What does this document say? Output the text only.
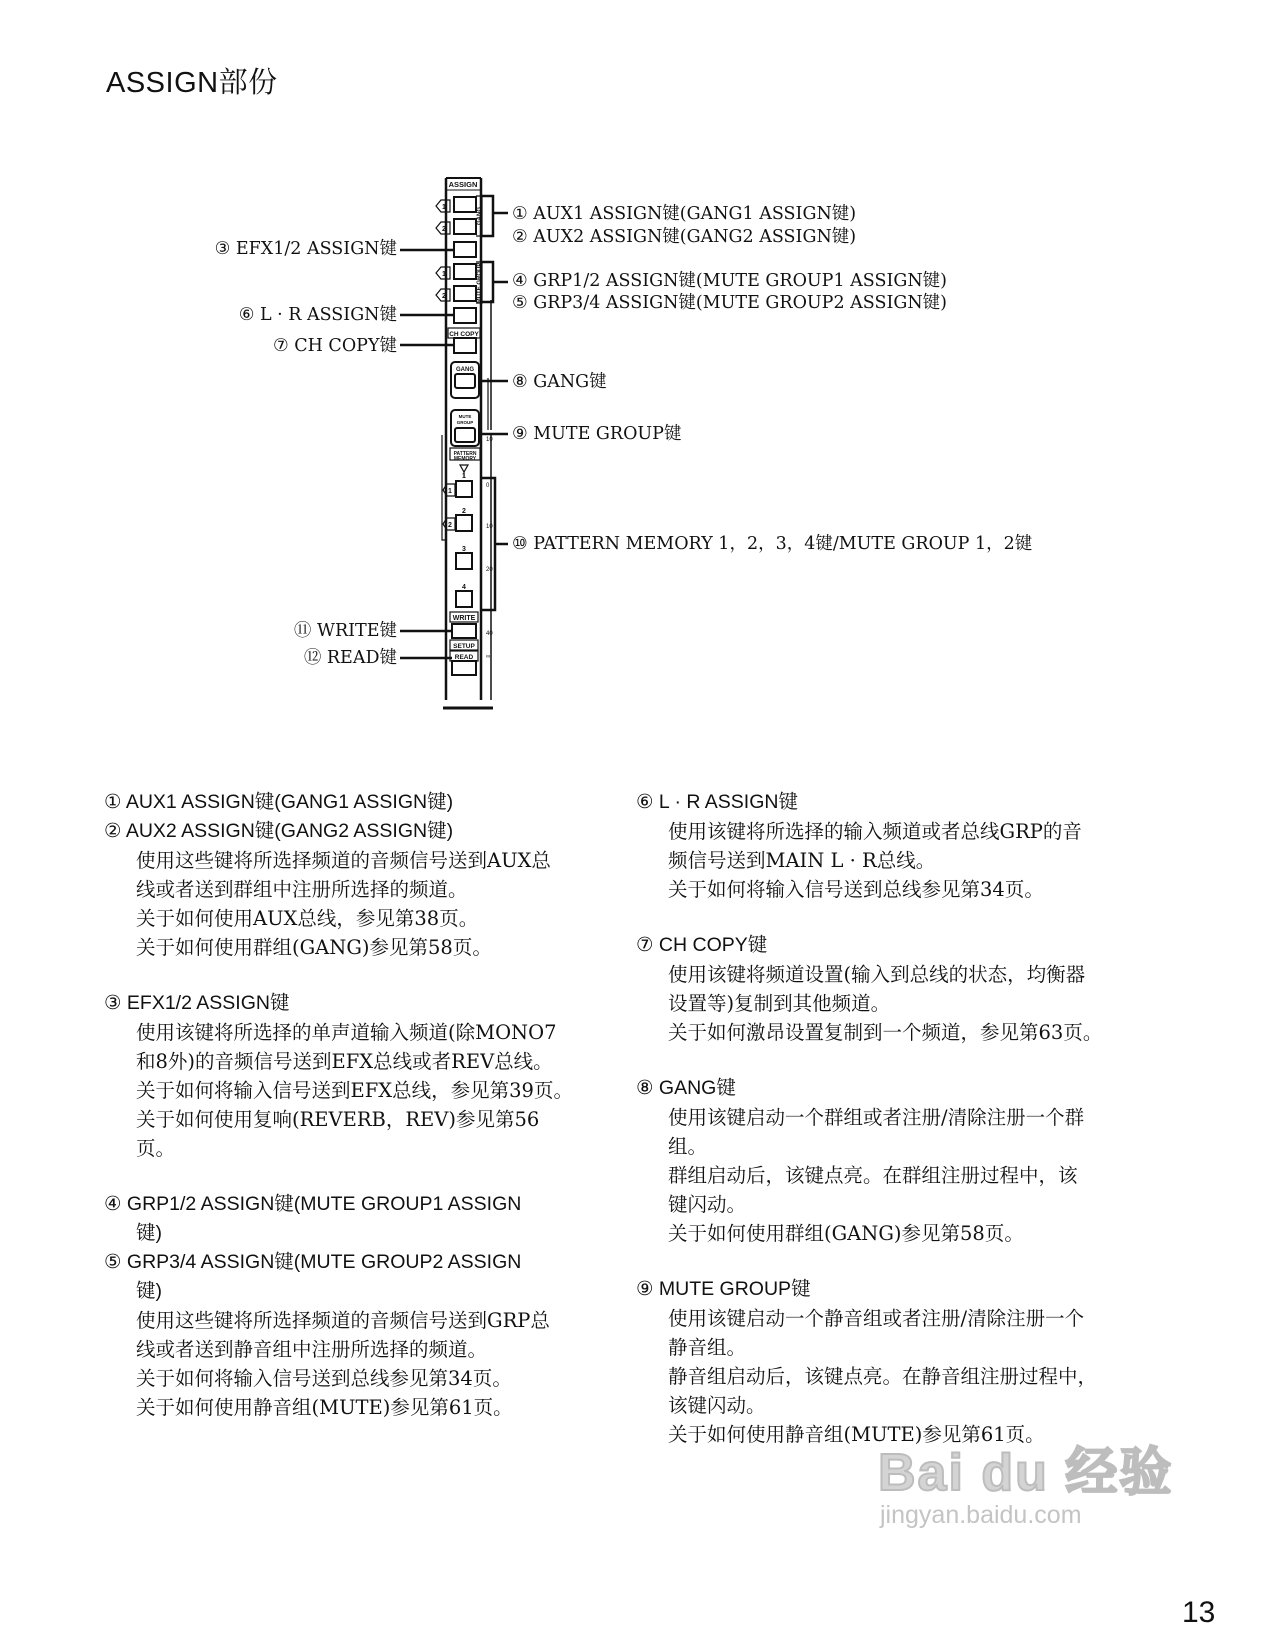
ASSIGN部份
ASSIGN
1
2
1
2
1
2
GANG
MUTE GROUP
CH COPY
GANG
MUTE
GROUP
PATTERN
MEMORY
1
2
3
4
WRITE
SETUP
READ
10
0
10
20
40
∞
① AUX1 ASSIGN键(GANG1 ASSIGN键)
② AUX2 ASSIGN键(GANG2 ASSIGN键)
③ EFX1/2 ASSIGN键
④ GRP1/2 ASSIGN键(MUTE GROUP1 ASSIGN键)
⑤ GRP3/4 ASSIGN键(MUTE GROUP2 ASSIGN键)
⑥ L · R ASSIGN键
⑦ CH COPY键
⑧ GANG键
⑨ MUTE GROUP键
⑩ PATTERN MEMORY 1，2，3，4键/MUTE GROUP 1，2键
⑪ WRITE键
⑫ READ键
① AUX1 ASSIGN键(GANG1 ASSIGN键)
② AUX2 ASSIGN键(GANG2 ASSIGN键)
使用这些键将所选择频道的音频信号送到AUX总
线或者送到群组中注册所选择的频道。
关于如何使用AUX总线，参见第38页。
关于如何使用群组(GANG)参见第58页。
③ EFX1/2 ASSIGN键
使用该键将所选择的单声道输入频道(除MONO7
和8外)的音频信号送到EFX总线或者REV总线。
关于如何将输入信号送到EFX总线，参见第39页。
关于如何使用复响(REVERB，REV)参见第56
页。
④ GRP1/2 ASSIGN键(MUTE GROUP1 ASSIGN键)
⑤ GRP3/4 ASSIGN键(MUTE GROUP2 ASSIGN键)
使用这些键将所选择频道的音频信号送到GRP总
线或者送到静音组中注册所选择的频道。
关于如何将输入信号送到总线参见第34页。
关于如何使用静音组(MUTE)参见第61页。
⑥ L · R ASSIGN键
使用该键将所选择的输入频道或者总线GRP的音
频信号送到MAIN L · R总线。
关于如何将输入信号送到总线参见第34页。
⑦ CH COPY键
使用该键将频道设置(输入到总线的状态，均衡器
设置等)复制到其他频道。
关于如何激昂设置复制到一个频道，参见第63页。
⑧ GANG键
使用该键启动一个群组或者注册/清除注册一个群
组。
群组启动后，该键点亮。在群组注册过程中，该
键闪动。
关于如何使用群组(GANG)参见第58页。
⑨ MUTE GROUP键
使用该键启动一个静音组或者注册/清除注册一个
静音组。
静音组启动后，该键点亮。在静音组注册过程中，
该键闪动。
关于如何使用静音组(MUTE)参见第61页。
Bai du 经验
jingyan.baidu.com
13
